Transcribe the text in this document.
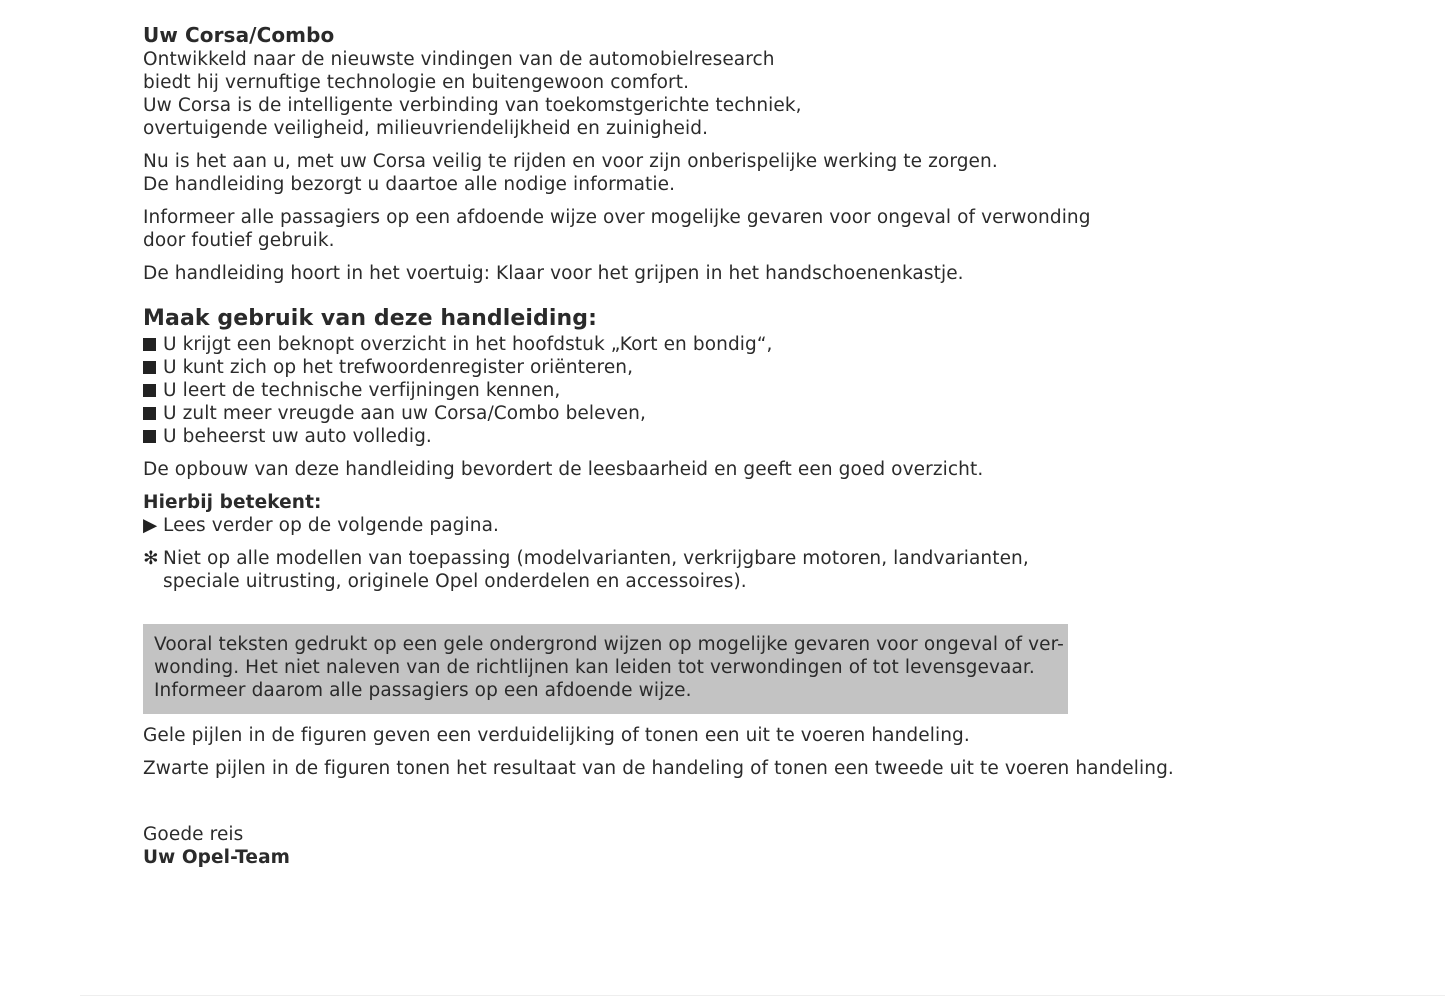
Uw Corsa/Combo

Ontwikkeld naar de nieuwste vindingen van de automobielresearch
biedt hij vernuftige technologie en buitengewoon comfort.
Uw Corsa is de intelligente verbinding van toekomstgerichte techniek,
overtuigende veiligheid, milieuvriendelijkheid en zuinigheid.

Nu is het aan u, met uw Corsa veilig te rijden en voor zijn onberispelijke werking te zorgen.
De handleiding bezorgt u daartoe alle nodige informatie.

Informeer alle passagiers op een afdoende wijze over mogelijke gevaren voor ongeval of verwonding
door foutief gebruik.

De handleiding hoort in het voertuig: Klaar voor het grijpen in het handschoenenkastje.

Maak gebruik van deze handleiding:
U krijgt een beknopt overzicht in het hoofdstuk „Kort en bondig“,
U kunt zich op het trefwoordenregister oriënteren,
U leert de technische verfijningen kennen,
U zult meer vreugde aan uw Corsa/Combo beleven,
U beheerst uw auto volledig.

De opbouw van deze handleiding bevordert de leesbaarheid en geeft een goed overzicht.

Hierbij betekent:

▶ Lees verder op de volgende pagina.
✻ Niet op alle modellen van toepassing (modelvarianten, verkrijgbare motoren, landvarianten,
speciale uitrusting, originele Opel onderdelen en accessoires).
Vooral teksten gedrukt op een gele ondergrond wijzen op mogelijke gevaren voor ongeval of ver-
wonding. Het niet naleven van de richtlijnen kan leiden tot verwondingen of tot levensgevaar.
Informeer daarom alle passagiers op een afdoende wijze.

Gele pijlen in de figuren geven een verduidelijking of tonen een uit te voeren handeling.

Zwarte pijlen in de figuren tonen het resultaat van de handeling of tonen een tweede uit te voeren handeling.

Goede reis
Uw Opel-Team
